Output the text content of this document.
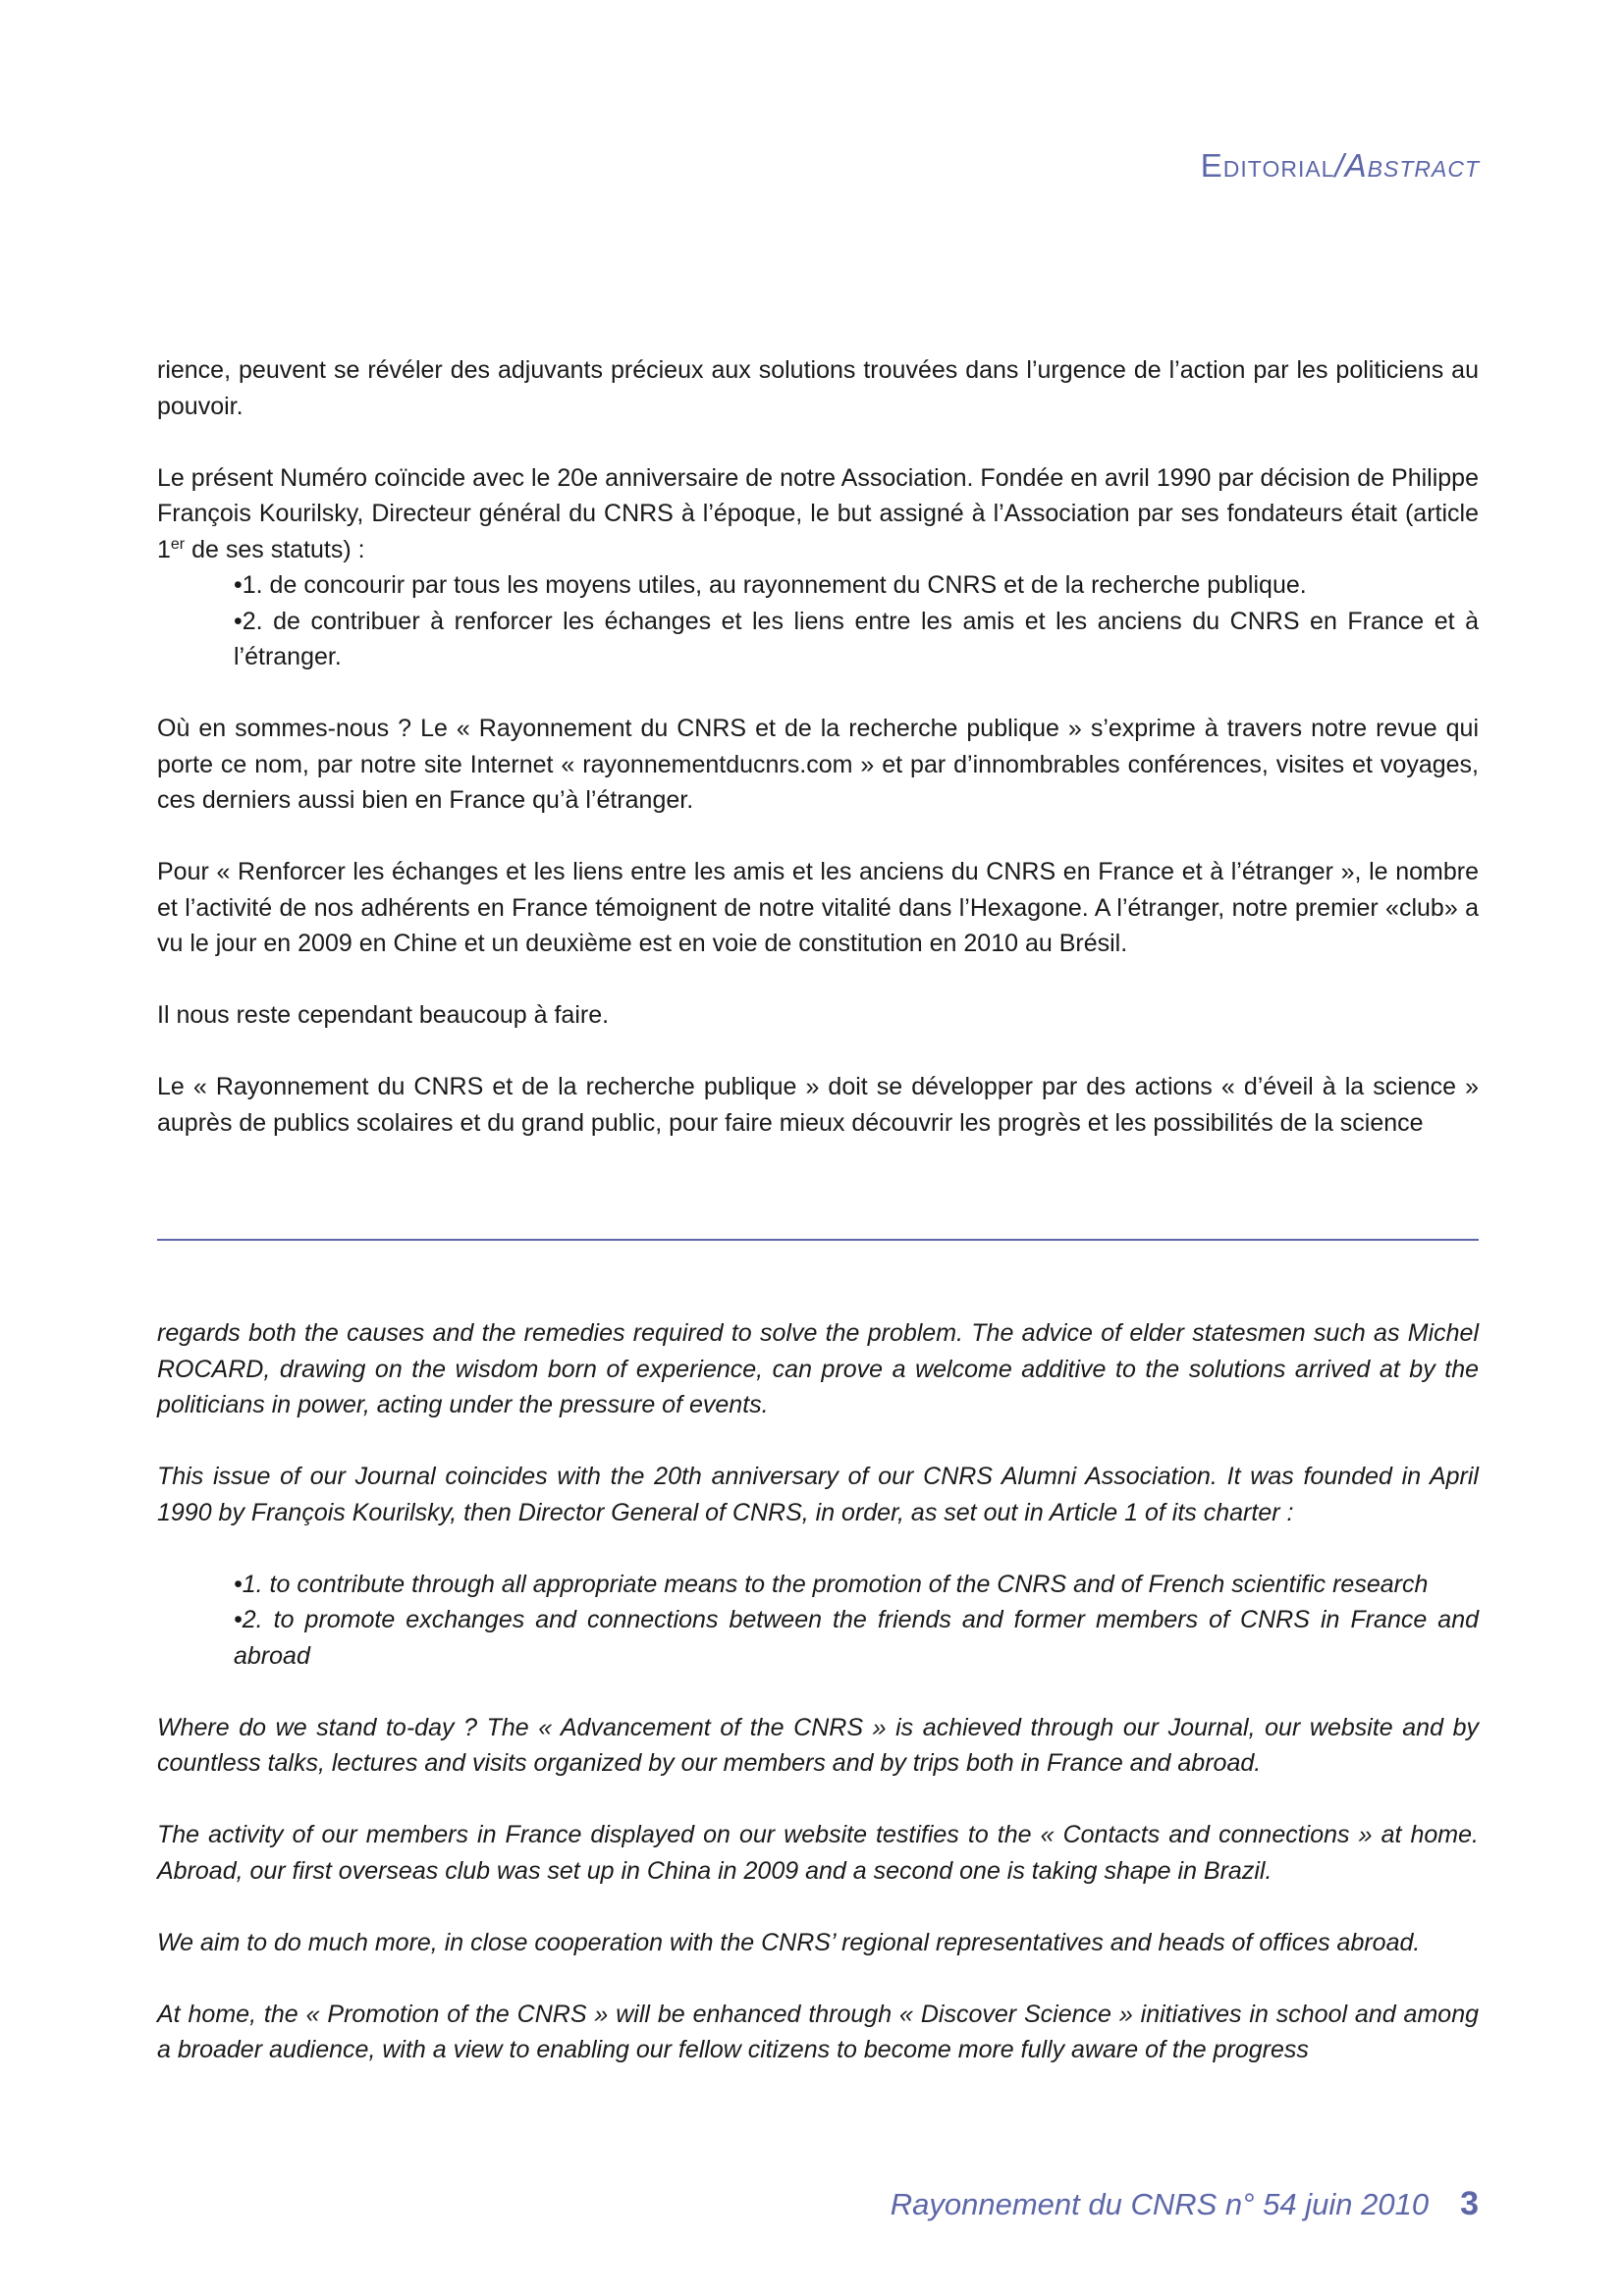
Editorial/Abstract

rience, peuvent se révéler des adjuvants précieux aux solutions trouvées dans l’urgence de l’action par les politiciens au pouvoir.

Le présent Numéro coïncide avec le 20e anniversaire de notre Association. Fondée en avril 1990 par décision de Philippe François Kourilsky, Directeur général du CNRS à l’époque, le but assigné à l’Association par ses fondateurs était (article 1er de ses statuts) :
•1. de concourir par tous les moyens utiles, au rayonnement du CNRS et de la recherche publique.
•2. de contribuer à renforcer les échanges et les liens entre les amis et les anciens du CNRS en France et à l’étranger.

Où en sommes-nous ? Le « Rayonnement du CNRS et de la recherche publique » s’exprime à travers notre revue qui porte ce nom, par notre site Internet « rayonnementducnrs.com » et par d’innombrables conférences, visites et voyages, ces derniers aussi bien en France qu’à l’étranger.

Pour « Renforcer les échanges et les liens entre les amis et les anciens du CNRS en France et à l’étranger », le nombre et l’activité de nos adhérents en France témoignent de notre vitalité dans l’Hexagone. A l’étranger, notre premier «club» a vu le jour en 2009 en Chine et un deuxième est en voie de constitution en 2010 au Brésil.

Il nous reste cependant beaucoup à faire.

Le « Rayonnement du CNRS et de la recherche publique » doit se développer par des actions « d’éveil à la science » auprès de publics scolaires et du grand public, pour faire mieux découvrir les progrès et les possibilités de la science

regards both the causes and the remedies required to solve the problem. The advice of elder statesmen such as Michel ROCARD, drawing on the wisdom born of experience, can prove a welcome additive to the solutions arrived at by the politicians in power, acting under the pressure of events.

This issue of our Journal coincides with the 20th anniversary of our CNRS Alumni Association. It was founded in April 1990 by François Kourilsky, then Director General of CNRS, in order, as set out in Article 1 of its charter :

•1. to contribute through all appropriate means to the promotion of the CNRS and of French scientific research
•2. to promote exchanges and connections between the friends and former members of CNRS in France and abroad

Where do we stand to-day ? The « Advancement of the CNRS » is achieved through our Journal, our website and by countless talks, lectures and visits organized by our members and by trips both in France and abroad.

The activity of our members in France displayed on our website testifies to the « Contacts and connections » at home. Abroad, our first overseas club was set up in China in 2009 and a second one is taking shape in Brazil.

We aim to do much more, in close cooperation with the CNRS’ regional representatives and heads of offices abroad.

At home, the « Promotion of the CNRS » will be enhanced through « Discover Science » initiatives in school and among a broader audience, with a view to enabling our fellow citizens to become more fully aware of the progress

Rayonnement du CNRS n° 54 juin 2010 3
